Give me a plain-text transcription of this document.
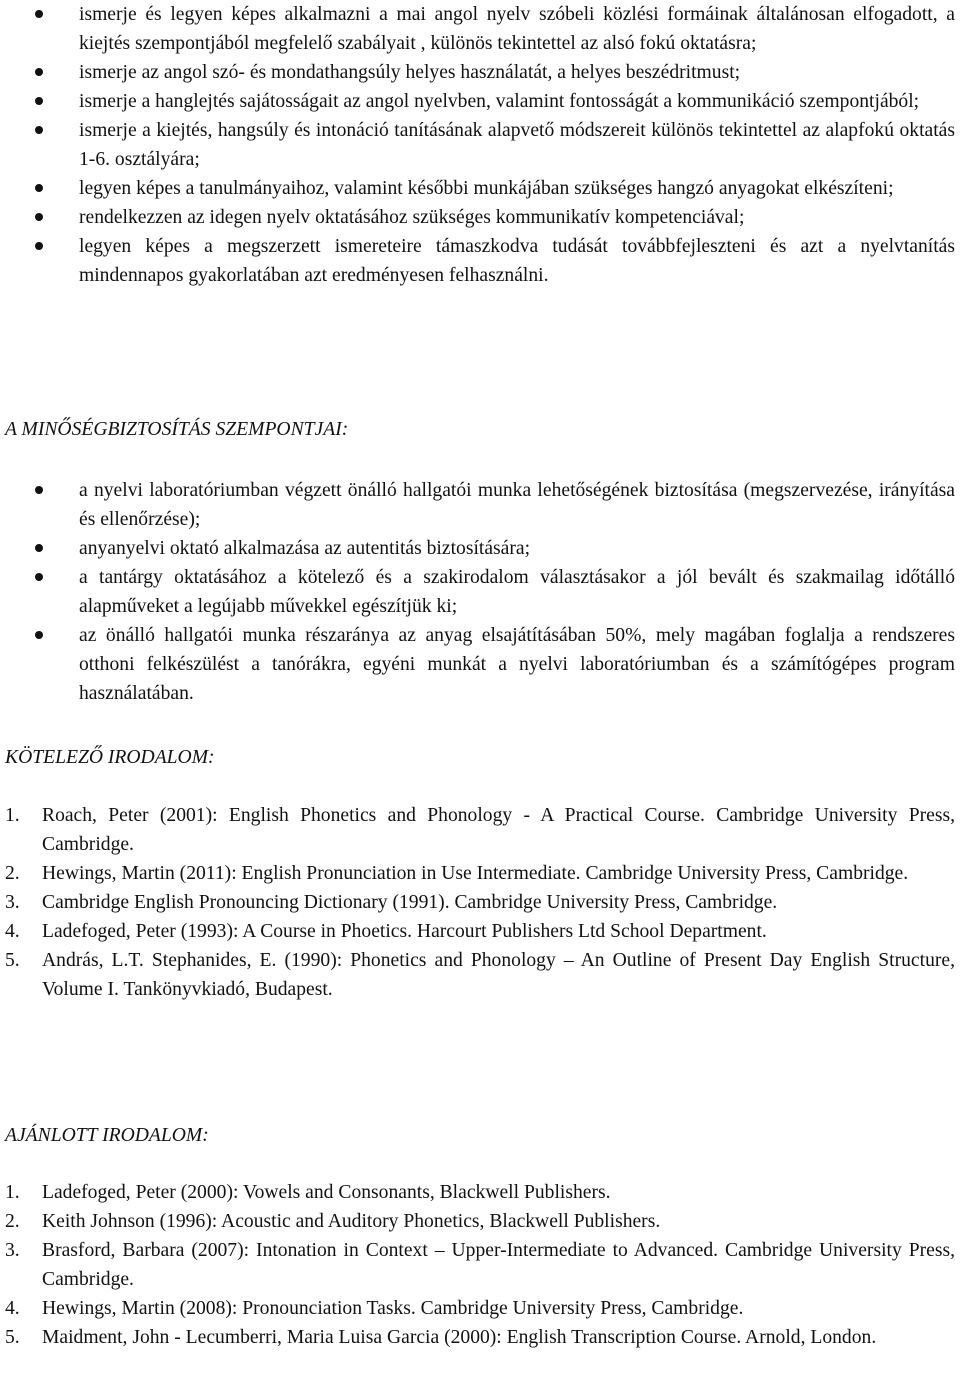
ismerje és legyen képes alkalmazni a mai angol nyelv szóbeli közlési formáinak általánosan elfogadott, a kiejtés szempontjából megfelelő szabályait , különös tekintettel az alsó fokú oktatásra;
ismerje az angol szó- és mondathangsúly helyes használatát, a helyes beszédritmust;
ismerje a hanglejtés sajátosságait az angol nyelvben, valamint fontosságát a kommunikáció szempontjából;
ismerje a kiejtés, hangsúly és intonáció tanításának alapvető módszereit különös tekintettel az alapfokú oktatás 1-6. osztályára;
legyen képes a tanulmányaihoz, valamint későbbi munkájában szükséges hangzó anyagokat elkészíteni;
rendelkezzen az idegen nyelv oktatásához szükséges kommunikatív kompetenciával;
legyen képes a megszerzett ismereteire támaszkodva tudását továbbfejleszteni és azt a nyelvtanítás mindennapos gyakorlatában azt eredményesen felhasználni.
A MINŐSÉGBIZTOSÍTÁS SZEMPONTJAI:
a nyelvi laboratóriumban végzett önálló hallgatói munka lehetőségének biztosítása (megszervezése, irányítása és ellenőrzése);
anyanyelvi oktató alkalmazása az autentitás biztosítására;
a tantárgy oktatásához a kötelező és a szakirodalom választásakor a jól bevált és szakmailag időtálló alapműveket a legújabb művekkel egészítjük ki;
az önálló hallgatói munka részaránya az anyag elsajátításában 50%, mely magában foglalja a rendszeres otthoni felkészülést a tanórákra, egyéni munkát a nyelvi laboratóriumban és a számítógépes program használatában.
KÖTELEZŐ IRODALOM:
1. Roach, Peter (2001): English Phonetics and Phonology - A Practical Course. Cambridge University Press, Cambridge.
2. Hewings, Martin (2011): English Pronunciation in Use Intermediate. Cambridge University Press, Cambridge.
3. Cambridge English Pronouncing Dictionary (1991). Cambridge University Press, Cambridge.
4. Ladefoged, Peter (1993): A Course in Phoetics. Harcourt Publishers Ltd School Department.
5. András, L.T. Stephanides, E. (1990): Phonetics and Phonology – An Outline of Present Day English Structure, Volume I. Tankönyvkiadó, Budapest.
AJÁNLOTT IRODALOM:
1. Ladefoged, Peter (2000): Vowels and Consonants, Blackwell Publishers.
2. Keith Johnson (1996): Acoustic and Auditory Phonetics, Blackwell Publishers.
3. Brasford, Barbara (2007): Intonation in Context – Upper-Intermediate to Advanced. Cambridge University Press, Cambridge.
4. Hewings, Martin (2008): Pronounciation Tasks. Cambridge University Press, Cambridge.
5. Maidment, John - Lecumberri, Maria Luisa Garcia (2000): English Transcription Course. Arnold, London.
